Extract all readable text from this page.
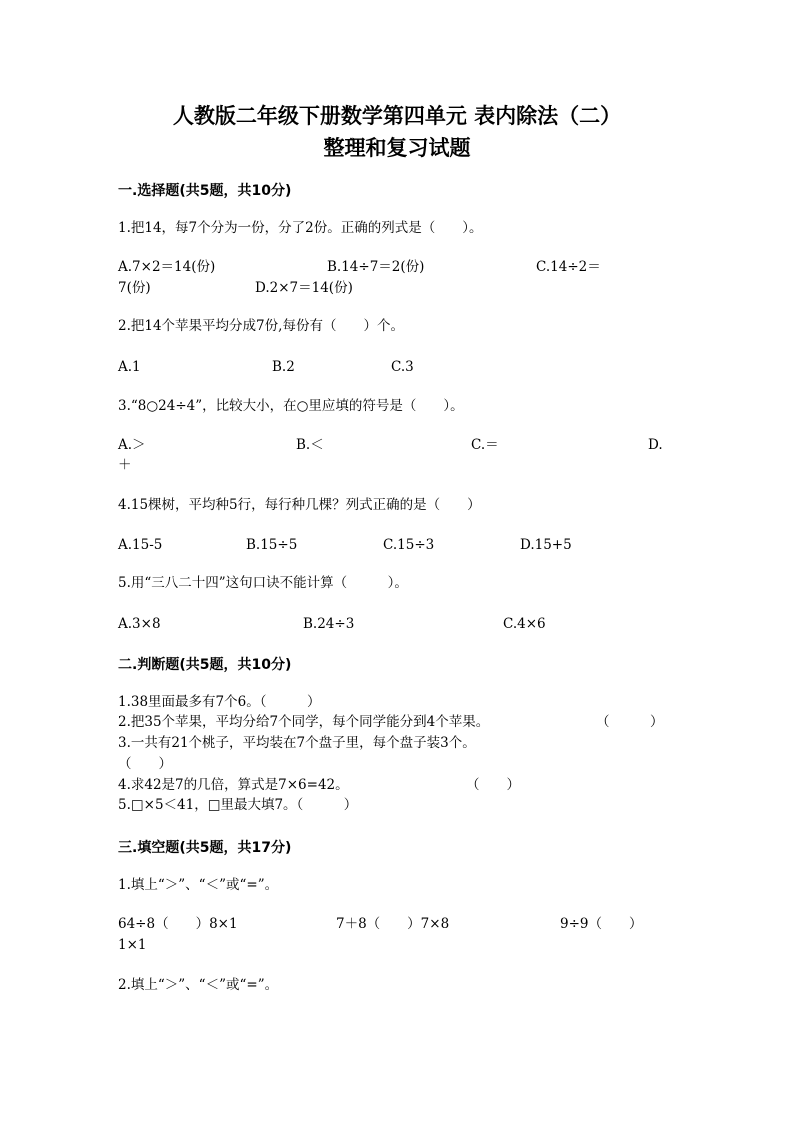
人教版二年级下册数学第四单元 表内除法（二）
整理和复习试题
一.选择题(共5题，共10分)
1.把14，每7个分为一份，分了2份。正确的列式是（　　）。
A.7×2＝14(份)	B.14÷7＝2(份)	C.14÷2＝
7(份)	D.2×7＝14(份)
2.把14个苹果平均分成7份,每份有（　　）个。
A.1	B.2	C.3
3.“8○24÷4”，比较大小，在○里应填的符号是（　　）。
A.＞	B.＜	C.＝	D.
＋
4.15棵树，平均种5行，每行种几棵？列式正确的是（　　）
A.15-5	B.15÷5	C.15÷3	D.15+5
5.用“三八二十四”这句口诀不能计算（　　　）。
A.3×8	B.24÷3	C.4×6
二.判断题(共5题，共10分)
1.38里面最多有7个6。（　　　）
2.把35个苹果，平均分给7个同学，每个同学能分到4个苹果。	（　　　）
3.一共有21个桃子，平均装在7个盘子里，每个盘子装3个。
（　　）
4.求42是7的几倍，算式是7×6=42。	（　　）
5.□×5＜41，□里最大填7。（　　　）
三.填空题(共5题，共17分)
1.填上“＞”、“＜”或“=”。
64÷8（　　）8×1	7＋8（　　）7×8	9÷9（　　）
1×1
2.填上“＞”、“＜”或“=”。
